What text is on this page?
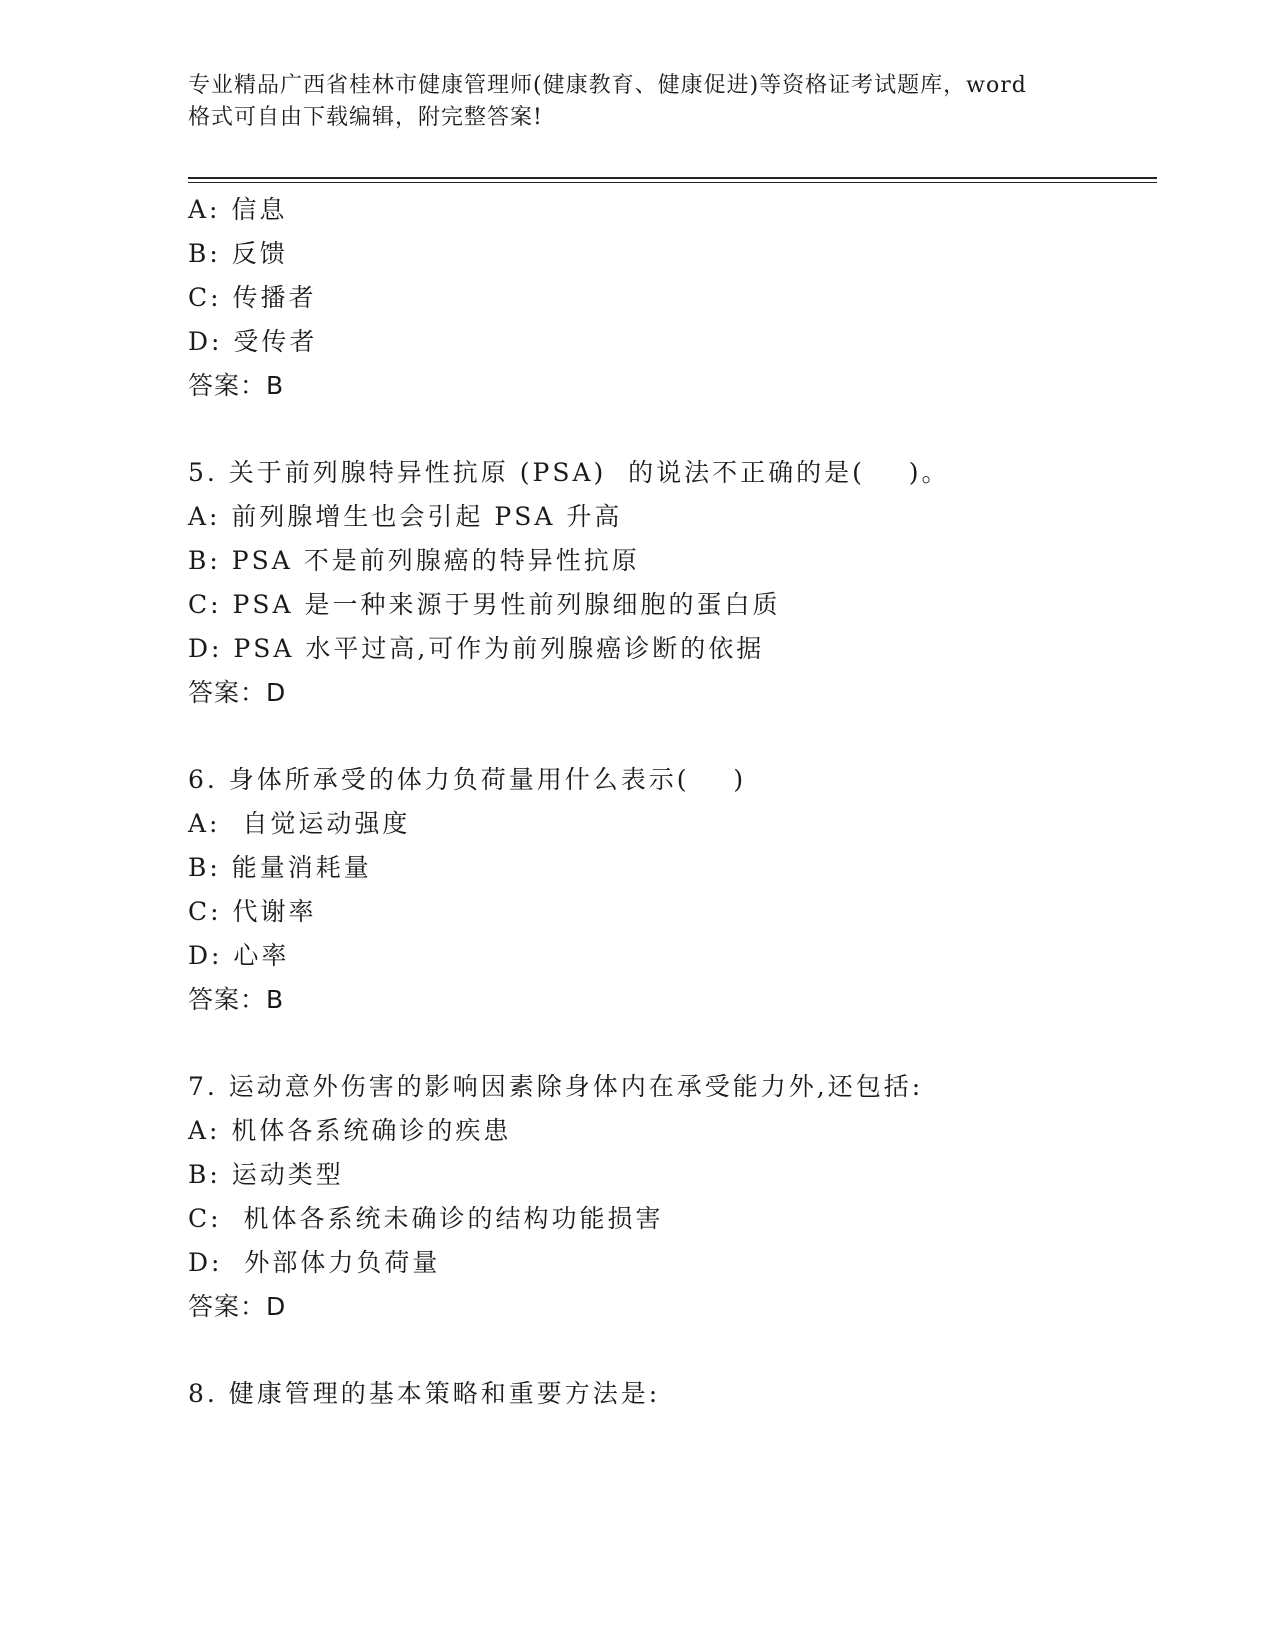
专业精品广西省桂林市健康管理师(健康教育、健康促进)等资格证考试题库，word
格式可自由下载编辑，附完整答案!
A: 信息
B: 反馈
C: 传播者
D: 受传者
答案：B
5. 关于前列腺特异性抗原 (PSA)  的说法不正确的是(    )。
A: 前列腺增生也会引起 PSA 升高
B: PSA 不是前列腺癌的特异性抗原
C: PSA 是一种来源于男性前列腺细胞的蛋白质
D: PSA 水平过高,可作为前列腺癌诊断的依据
答案：D
6. 身体所承受的体力负荷量用什么表示(    )
A:  自觉运动强度
B: 能量消耗量
C: 代谢率
D: 心率
答案：B
7. 运动意外伤害的影响因素除身体内在承受能力外,还包括:
A: 机体各系统确诊的疾患
B: 运动类型
C:  机体各系统未确诊的结构功能损害
D:  外部体力负荷量
答案：D
8. 健康管理的基本策略和重要方法是:
